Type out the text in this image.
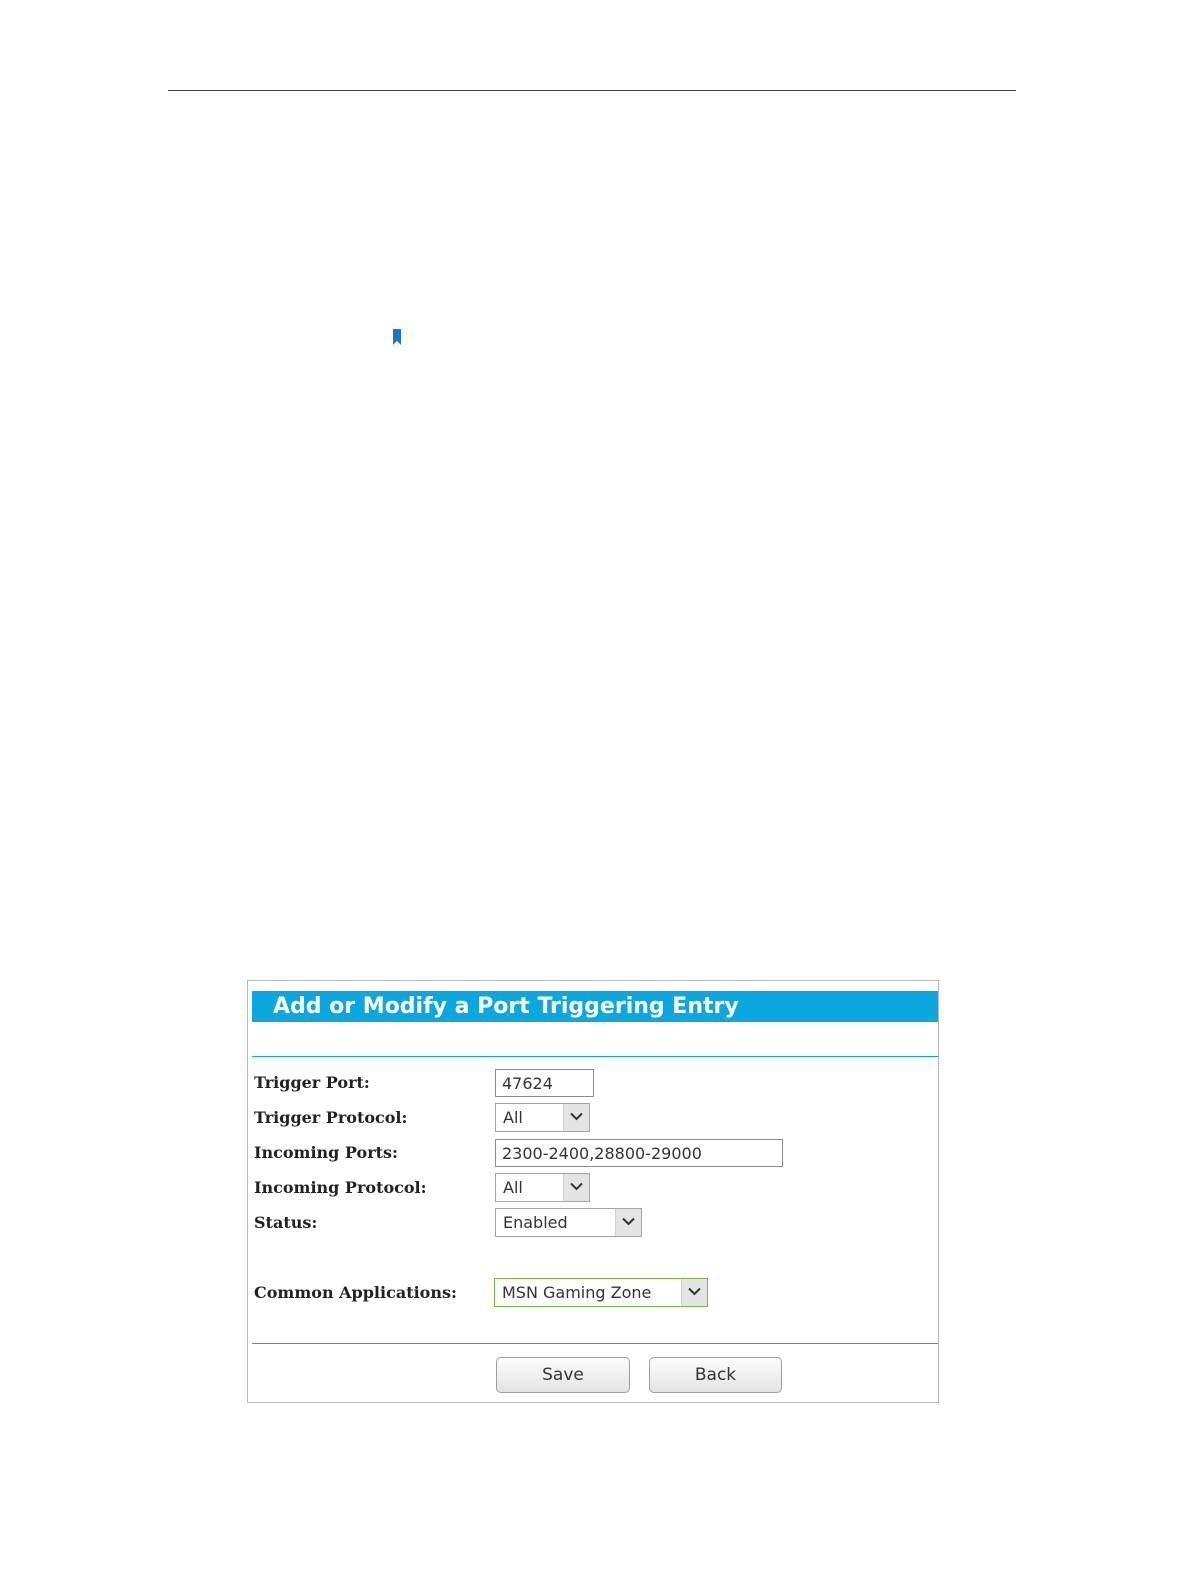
Add or Modify a Port Triggering Entry
Trigger Port:
47624
Trigger Protocol:	All
Incoming Ports:
2300-2400,28800-29000
Incoming Protocol:	All
Status:	Enabled
Common Applications:	MSN Gaming Zone
Save	Back
